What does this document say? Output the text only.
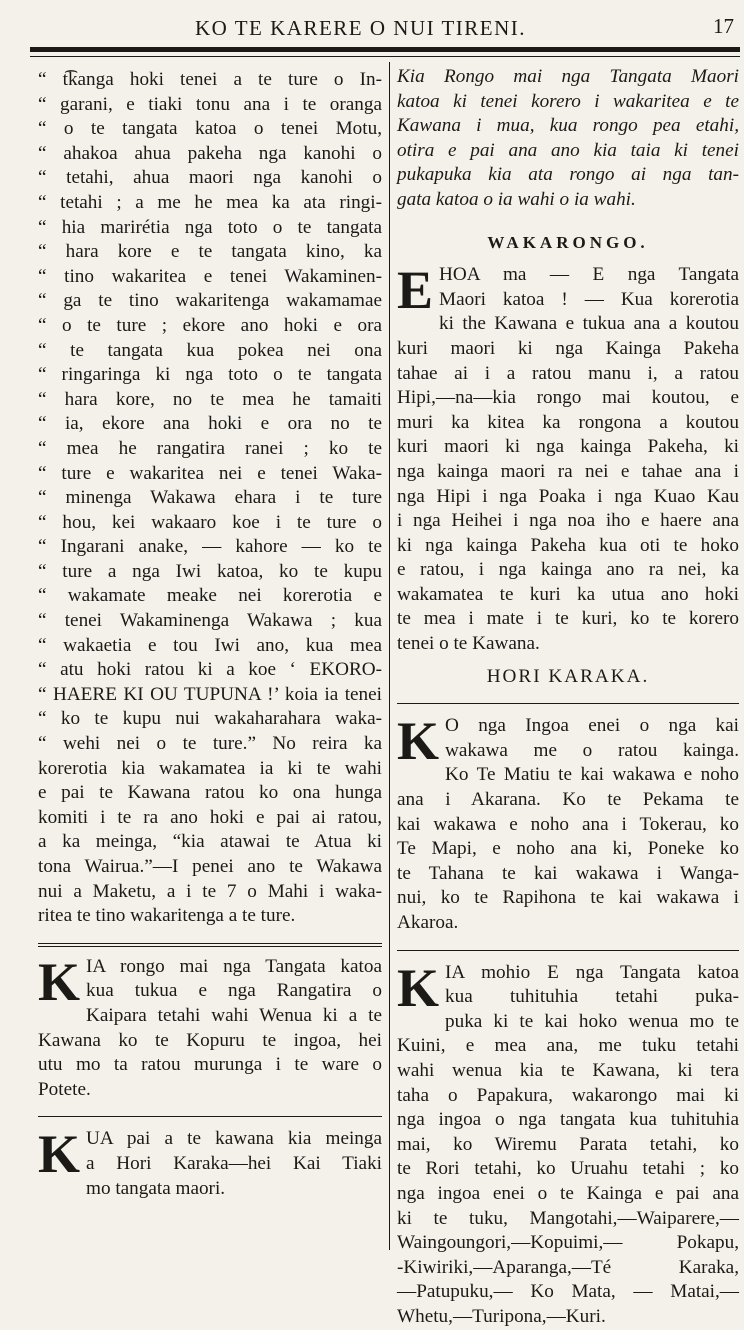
KO TE KARERE O NUI TIRENI.	17
“ t͡kanga hoki tenei a te ture o In-
“ garani, e tiaki tonu ana i te oranga
“ o te tangata katoa o tenei Motu,
“ ahakoa ahua pakeha nga kanohi o
“ tetahi, ahua maori nga kanohi o
“ tetahi ; a me he mea ka ata ringi-
“ hia marirétia nga toto o te tangata
“ hara kore e te tangata kino, ka
“ tino wakaritea e tenei Wakaminen-
“ ga te tino wakaritenga wakamamae
“ o te ture ; ekore ano hoki e ora
“ te tangata kua pokea nei ona
“ ringaringa ki nga toto o te tangata
“ hara kore, no te mea he tamaiti
“ ia, ekore ana hoki e ora no te
“ mea he rangatira ranei ; ko te
“ ture e wakaritea nei e tenei Waka-
“ minenga Wakawa ehara i te ture
“ hou, kei wakaaro koe i te ture o
“ Ingarani anake, — kahore — ko te
“ ture a nga Iwi katoa, ko te kupu
“ wakamate meake nei korerotia e
“ tenei Wakaminenga Wakawa ; kua
“ wakaetia e tou Iwi ano, kua mea
“ atu hoki ratou ki a koe ‘ EKORO-
“ HAERE KI OU TUPUNA !’ koia ia tenei
“ ko te kupu nui wakaharahara waka-
“ wehi nei o te ture.” No reira ka
korerotia kia wakamatea ia ki te wahi
e pai te Kawana ratou ko ona hunga
komiti i te ra ano hoki e pai ai ratou,
a ka meinga, “kia atawai te Atua ki
tona Wairua.”—I penei ano te Wakawa
nui a Maketu, a i te 7 o Mahi i waka-
ritea te tino wakaritenga a te ture.
K IA rongo mai nga Tangata katoa
kua tukua e nga Rangatira o
Kaipara tetahi wahi Wenua ki a te
Kawana ko te Kopuru te ingoa, hei
utu mo ta ratou murunga i te ware o
Potete.
K UA pai a te kawana kia meinga
a Hori Karaka—hei Kai Tiaki
mo tangata maori.
Kia Rongo mai nga Tangata Maori
katoa ki tenei korero i wakaritea e te
Kawana i mua, kua rongo pea etahi,
otira e pai ana ano kia taia ki tenei
pukapuka kia ata rongo ai nga tan-
gata katoa o ia wahi o ia wahi.
WAKARONGO.
E HOA ma — E nga Tangata
Maori katoa ! — Kua korerotia
ki the Kawana e tukua ana a koutou
kuri maori ki nga Kainga Pakeha
tahae ai i a ratou manu i, a ratou
Hipi,—na—kia rongo mai koutou, e
muri ka kitea ka rongona a koutou
kuri maori ki nga kainga Pakeha, ki
nga kainga maori ra nei e tahae ana i
nga Hipi i nga Poaka i nga Kuao Kau
i nga Heihei i nga noa iho e haere ana
ki nga kainga Pakeha kua oti te hoko
e ratou, i nga kainga ano ra nei, ka
wakamatea te kuri ka utua ano hoki
te mea i mate i te kuri, ko te korero
tenei o te Kawana.
HORI KARAKA.
K O nga Ingoa enei o nga kai
wakawa me o ratou kainga.
Ko Te Matiu te kai wakawa e noho
ana i Akarana. Ko te Pekama te
kai wakawa e noho ana i Tokerau, ko
Te Mapi, e noho ana ki, Poneke ko
te Tahana te kai wakawa i Wanga-
nui, ko te Rapihona te kai wakawa i
Akaroa.
K IA mohio E nga Tangata katoa
kua tuhituhia tetahi puka-
puka ki te kai hoko wenua mo te
Kuini, e mea ana, me tuku tetahi
wahi wenua kia te Kawana, ki tera
taha o Papakura, wakarongo mai ki
nga ingoa o nga tangata kua tuhituhia
mai, ko Wiremu Parata tetahi, ko
te Rori tetahi, ko Uruahu tetahi ; ko
nga ingoa enei o te Kainga e pai ana
ki te tuku, Mangotahi,—Waiparere,—
Waingoungori,—Kopuimi,— Pokapu,
-Kiwiriki,—Aparanga,—Té Karaka,
—Patupuku,— Ko Mata, — Matai,—
Whetu,—Turipona,—Kuri.
